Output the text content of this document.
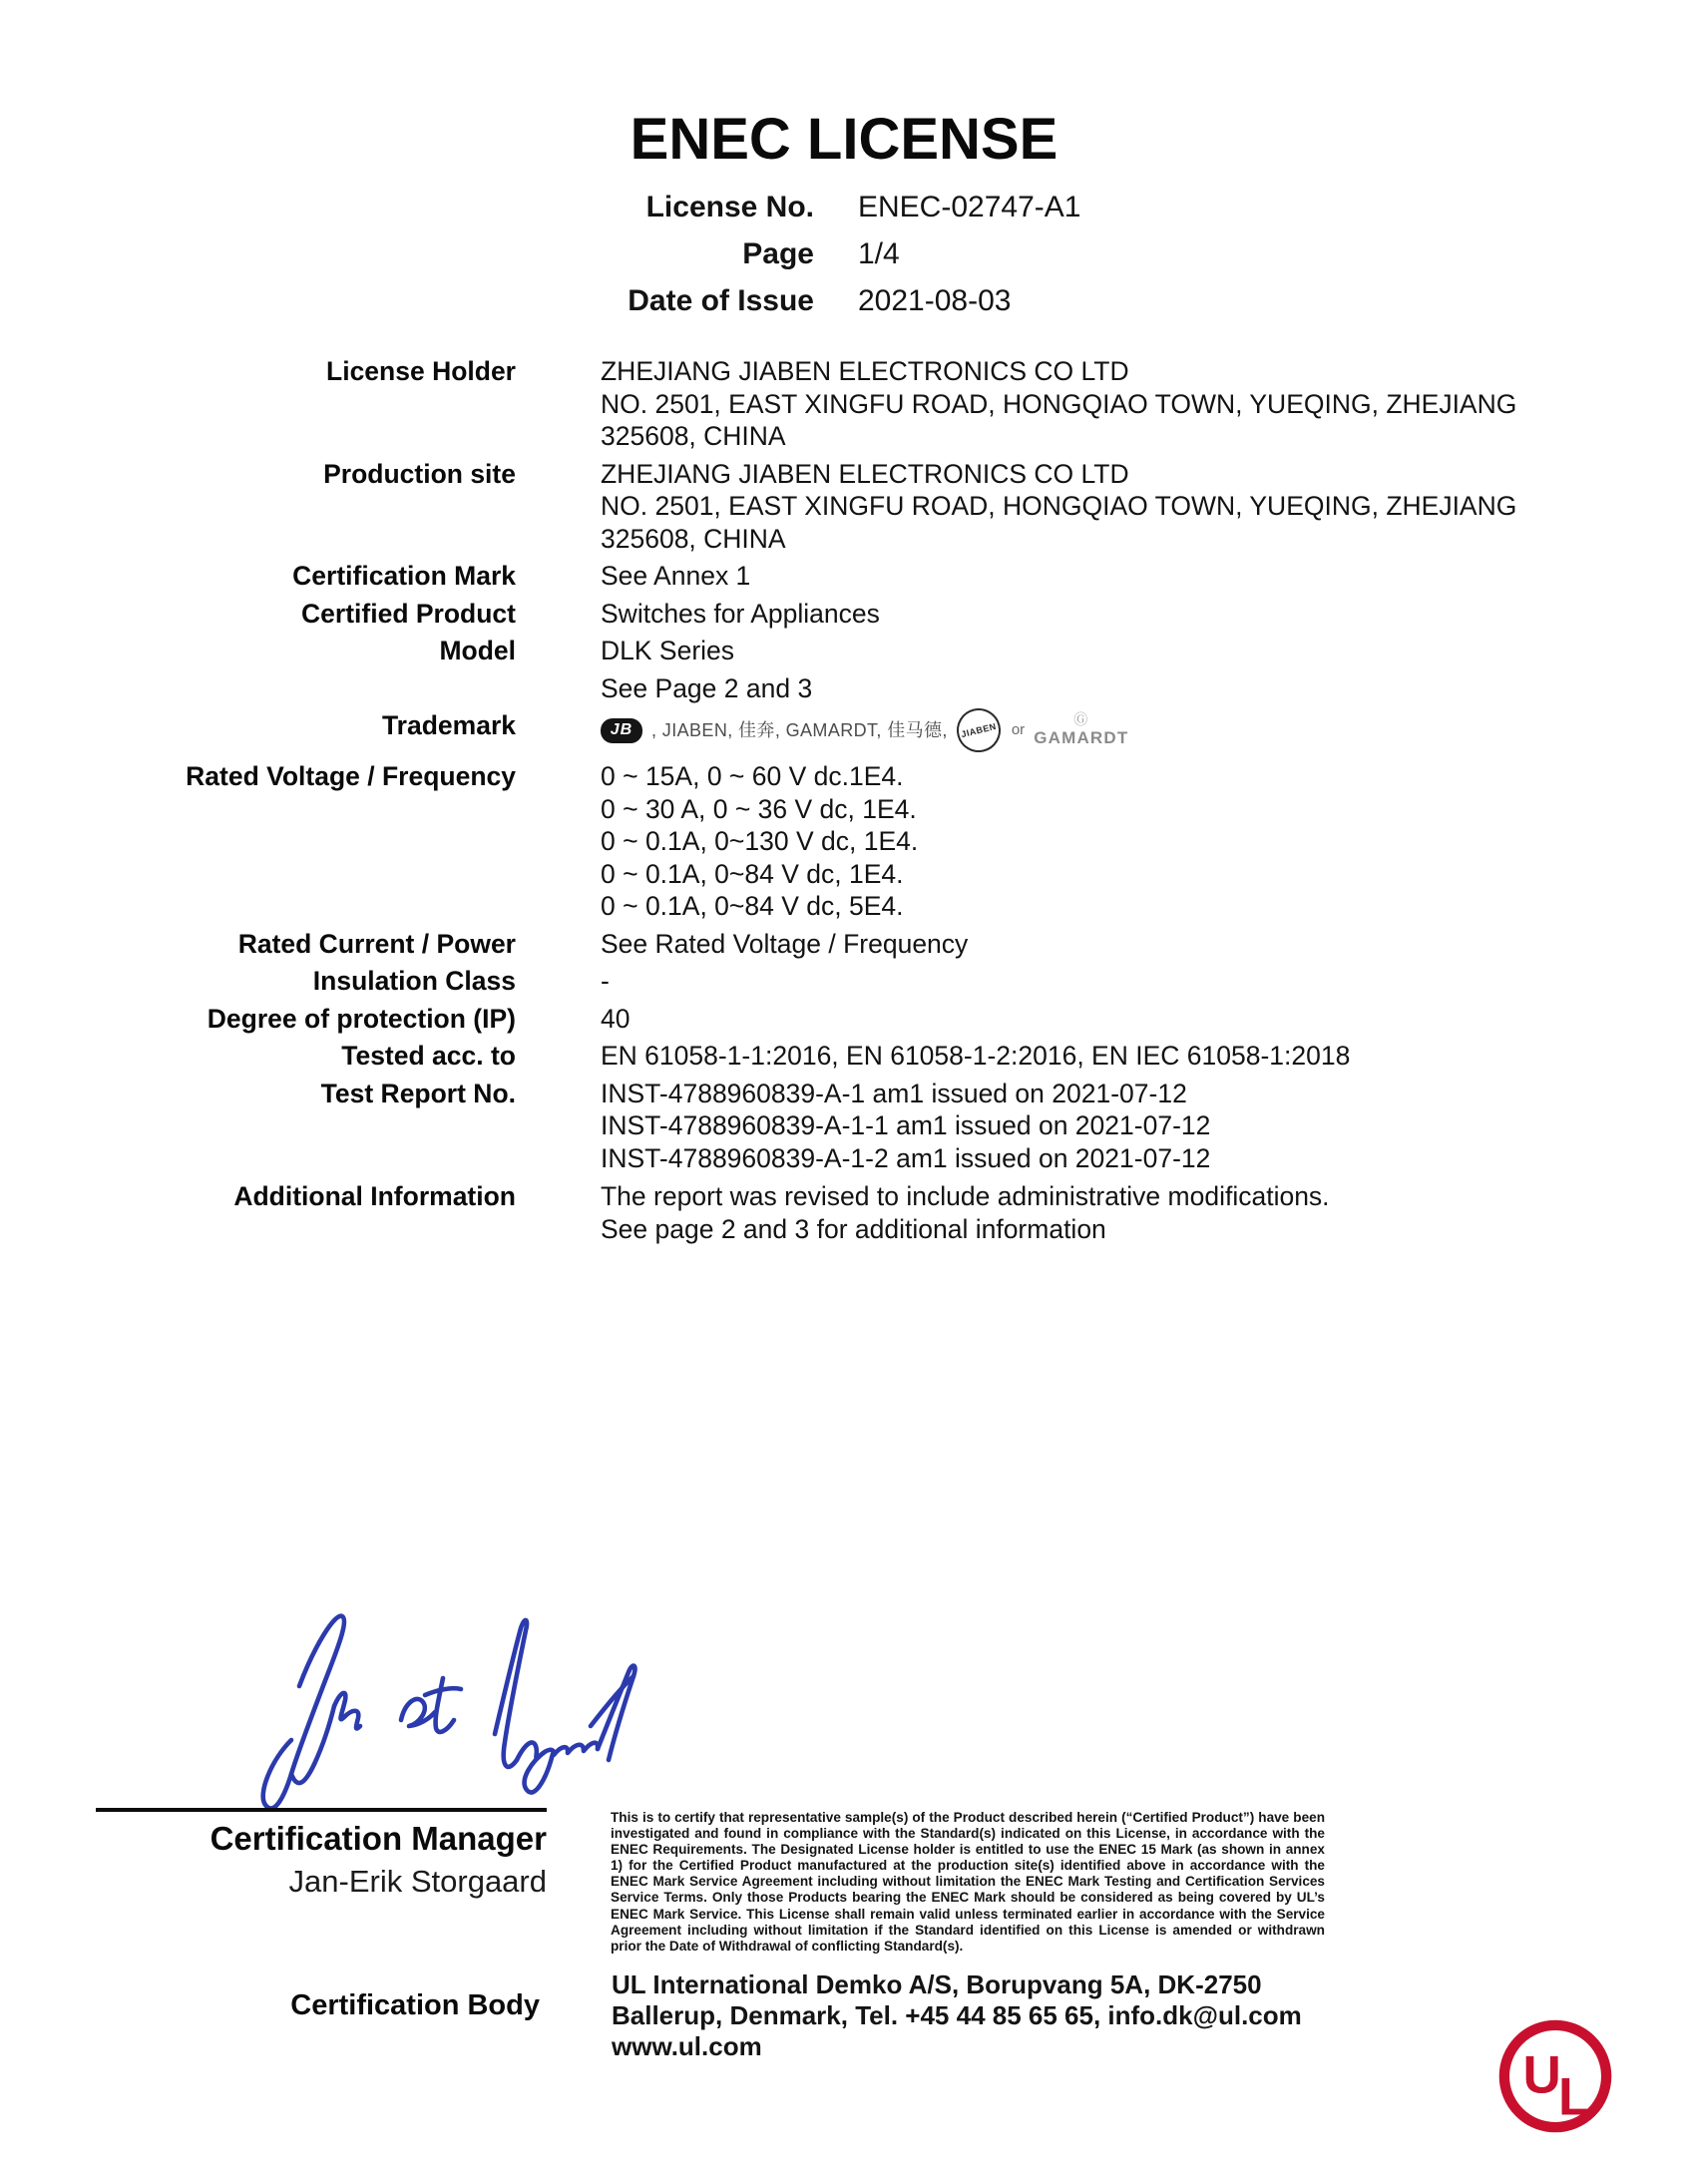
ENEC LICENSE
License No. ENEC-02747-A1
Page 1/4
Date of Issue 2021-08-03
License Holder	ZHEJIANG JIABEN ELECTRONICS CO LTD
NO. 2501, EAST XINGFU ROAD, HONGQIAO TOWN, YUEQING, ZHEJIANG
325608, CHINA
Production site	ZHEJIANG JIABEN ELECTRONICS CO LTD
NO. 2501, EAST XINGFU ROAD, HONGQIAO TOWN, YUEQING, ZHEJIANG
325608, CHINA
Certification Mark	See Annex 1
Certified Product	Switches for Appliances
Model	DLK Series
See Page 2 and 3
Trademark	JB	, JIABEN, 佳奔, GAMARDT, 佳马德,	JIABEN or
Ⓖ
GAMARDT
Rated Voltage / Frequency	0 ~ 15A, 0 ~ 60 V dc.1E4.
0 ~ 30 A, 0 ~ 36 V dc, 1E4.
0 ~ 0.1A, 0~130 V dc, 1E4.
0 ~ 0.1A, 0~84 V dc, 1E4.
0 ~ 0.1A, 0~84 V dc, 5E4.
Rated Current / Power	See Rated Voltage / Frequency
Insulation Class	-
Degree of protection (IP)	40
Tested acc. to	EN 61058-1-1:2016, EN 61058-1-2:2016, EN IEC 61058-1:2018
Test Report No.	INST-4788960839-A-1 am1 issued on 2021-07-12
INST-4788960839-A-1-1 am1 issued on 2021-07-12
INST-4788960839-A-1-2 am1 issued on 2021-07-12
Additional Information	The report was revised to include administrative modifications.
See page 2 and 3 for additional information
Certification Manager
Jan-Erik Storgaard
This is to certify that representative sample(s) of the Product described herein (“Certified Product”) have been investigated and found in compliance with the Standard(s) indicated on this License, in accordance with the ENEC Requirements. The Designated License holder is entitled to use the ENEC 15 Mark (as shown in annex 1) for the Certified Product manufactured at the production site(s) identified above in accordance with the ENEC Mark Service Agreement including without limitation the ENEC Mark Testing and Certification Services Service Terms. Only those Products bearing the ENEC Mark should be considered as being covered by UL’s ENEC Mark Service. This License shall remain valid unless terminated earlier in accordance with the Service Agreement including without limitation if the Standard identified on this License is amended or withdrawn prior the Date of Withdrawal of conflicting Standard(s).
Certification Body
UL International Demko A/S, Borupvang 5A, DK-2750
Ballerup, Denmark, Tel. +45 44 85 65 65, info.dk@ul.com
www.ul.com	U
L
